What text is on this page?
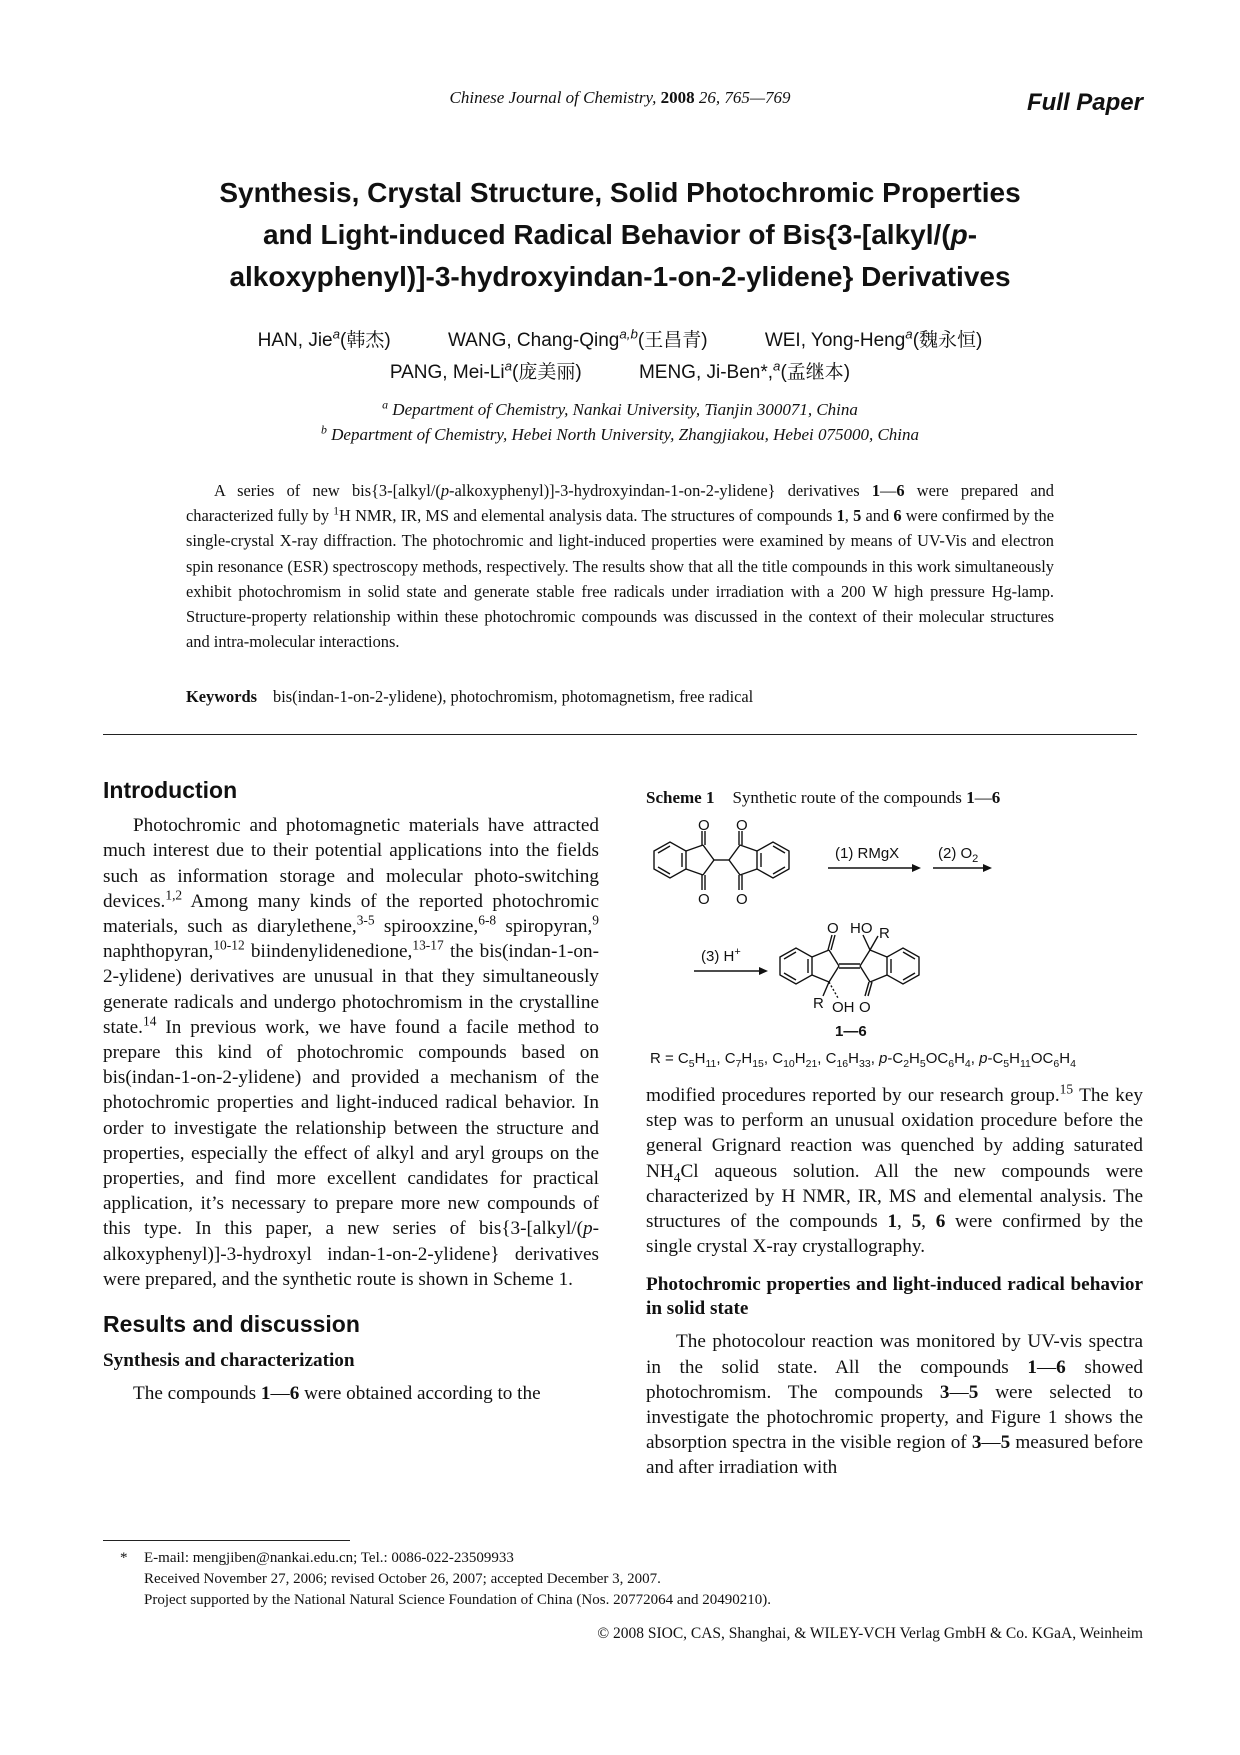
Chinese Journal of Chemistry, 2008 26, 765—769	Full Paper
Synthesis, Crystal Structure, Solid Photochromic Properties
and Light-induced Radical Behavior of Bis{3-[alkyl/(p-
alkoxyphenyl)]-3-hydroxyindan-1-on-2-ylidene} Derivatives
HAN, Jie$^a$(韩杰)	WANG, Chang-Qing$^{a,b}$(王昌青)	WEI, Yong-Heng$^a$(魏永恒)
PANG, Mei-Li$^a$(庞美丽)	MENG, Ji-Ben*,$^a$(孟继本)
$^a$ Department of Chemistry, Nankai University, Tianjin 300071, China
$^b$ Department of Chemistry, Hebei North University, Zhangjiakou, Hebei 075000, China
A series of new bis{3-[alkyl/(p-alkoxyphenyl)]-3-hydroxyindan-1-on-2-ylidene} derivatives 1—6 were prepared and characterized fully by $^1$H NMR, IR, MS and elemental analysis data. The structures of compounds 1, 5 and 6 were confirmed by the single-crystal X-ray diffraction. The photochromic and light-induced properties were examined by means of UV-Vis and electron spin resonance (ESR) spectroscopy methods, respectively. The results show that all the title compounds in this work simultaneously exhibit photochromism in solid state and generate stable free radicals under irradiation with a 200 W high pressure Hg-lamp. Structure-property relationship within these photochromic compounds was discussed in the context of their molecular structures and intra-molecular interactions.
Keywords bis(indan-1-on-2-ylidene), photochromism, photomagnetism, free radical
Introduction

Photochromic and photomagnetic materials have attracted much interest due to their potential applications into the fields such as information storage and molecular photo-switching devices.$^{1,2}$ Among many kinds of the reported photochromic materials, such as diarylethene,$^{3-5}$ spirooxzine,$^{6-8}$ spiropyran,$^9$ naphthopyran,$^{10-12}$ biindenylidenedione,$^{13-17}$ the bis(indan-1-on-2-ylidene) derivatives are unusual in that they simultaneously generate radicals and undergo photochromism in the crystalline state.$^{14}$ In previous work, we have found a facile method to prepare this kind of photochromic compounds based on bis(indan-1-on-2-ylidene) and provided a mechanism of the photochromic properties and light-induced radical behavior. In order to investigate the relationship between the structure and properties, especially the effect of alkyl and aryl groups on the properties, and find more excellent candidates for practical application, it’s necessary to prepare more new compounds of this type. In this paper, a new series of bis{3-[alkyl/(p-alkoxyphenyl)]-3-hydroxyl indan-1-on-2-ylidene} derivatives were prepared, and the synthetic route is shown in Scheme 1.

Results and discussion
Synthesis and characterization

The compounds 1—6 were obtained according to the

Scheme 1 Synthetic route of the compounds 1—6
O O
O O
(1) RMgX	(2) $O_2$
(3) H+
O HO R
R OH O
1—6
$R = C_5H_{11}$, $C_7H_{15}$, $C_{10}H_{21}$, $C_{16}H_{33}$, $p-C_2H_5OC_6H_4$, $p-C_5H_{11}OC_6H_4$

modified procedures reported by our research group.$^{15}$ The key step was to perform an unusual oxidation procedure before the general Grignard reaction was quenched by adding saturated $NH_4Cl$ aqueous solution. All the new compounds were characterized by H NMR, IR, MS and elemental analysis. The structures of the compounds 1, 5, 6 were confirmed by the single crystal X-ray crystallography.

Photochromic properties and light-induced radical behavior in solid state

The photocolour reaction was monitored by UV-vis spectra in the solid state. All the compounds 1—6 showed photochromism. The compounds 3—5 were selected to investigate the photochromic property, and Figure 1 shows the absorption spectra in the visible region of 3—5 measured before and after irradiation with

* E-mail: mengjiben@nankai.edu.cn; Tel.: 0086-022-23509933
Received November 27, 2006; revised October 26, 2007; accepted December 3, 2007.
Project supported by the National Natural Science Foundation of China (Nos. 20772064 and 20490210).
© 2008 SIOC, CAS, Shanghai, & WILEY-VCH Verlag GmbH & Co. KGaA, Weinheim
